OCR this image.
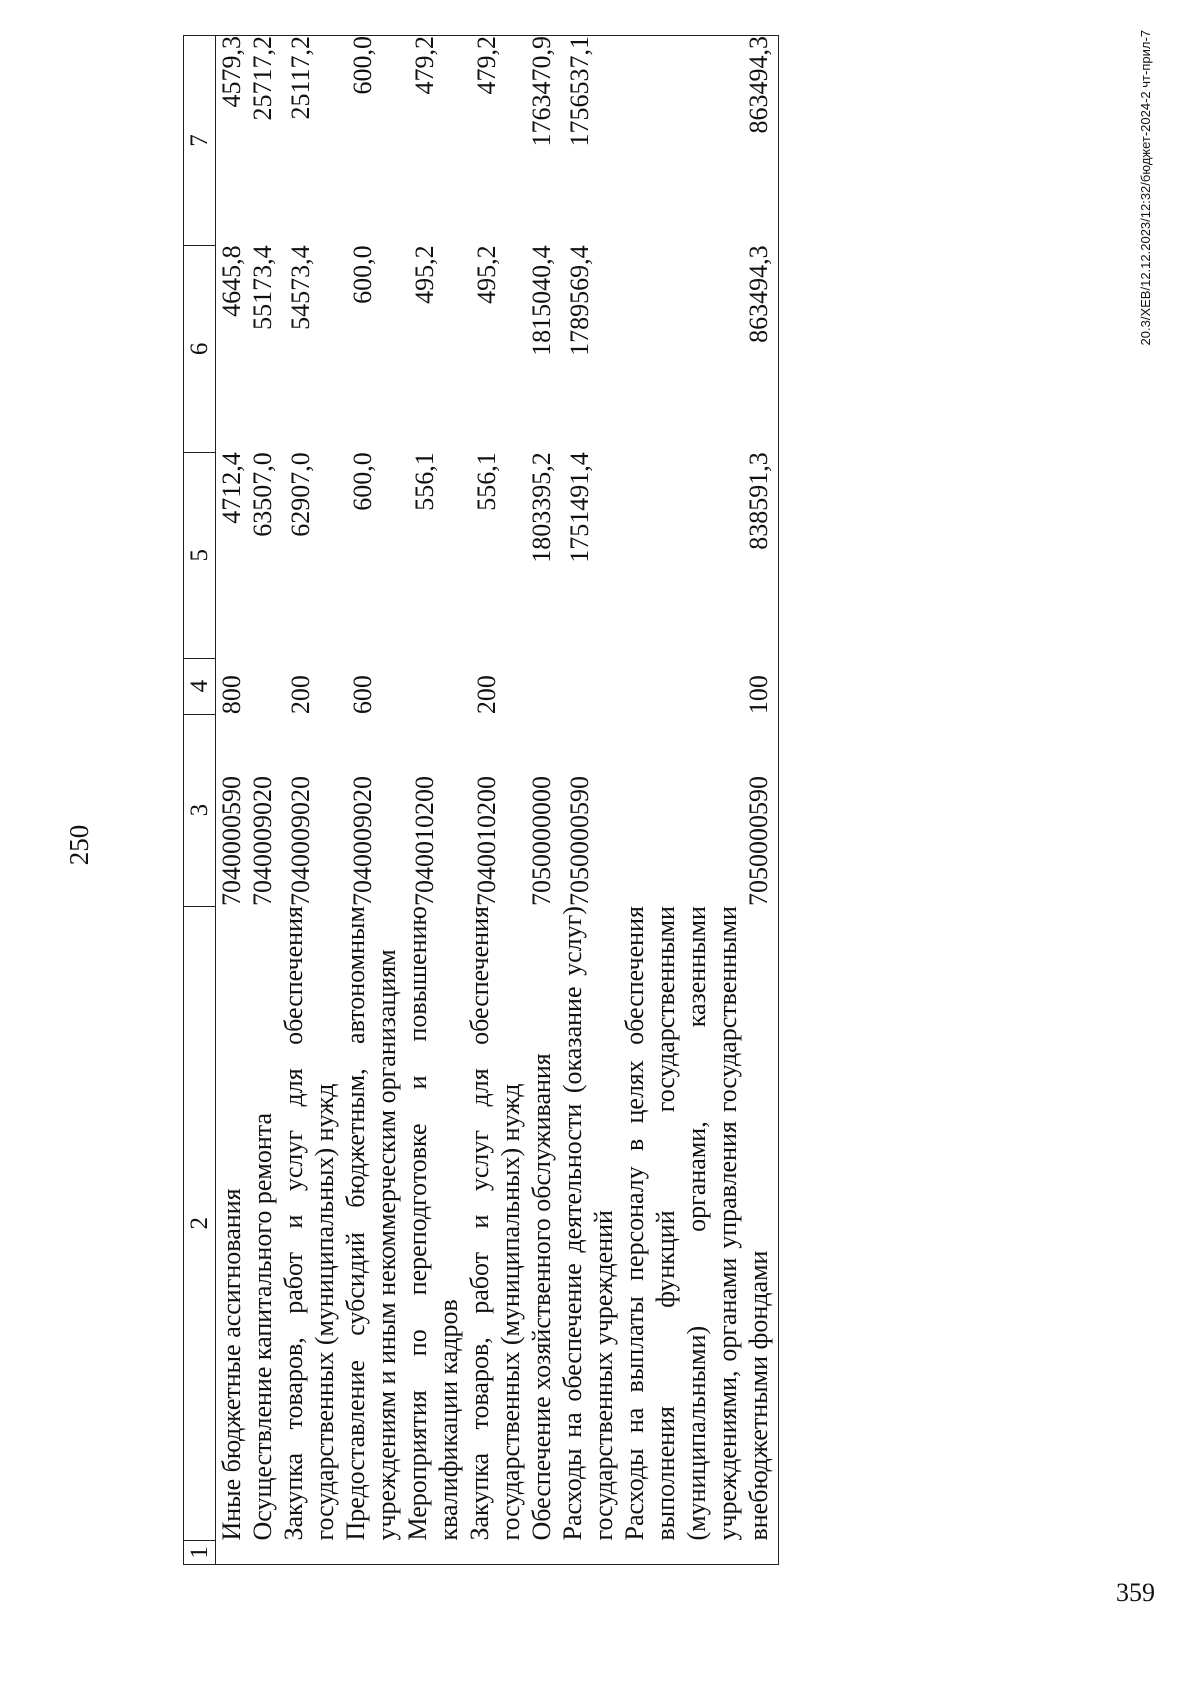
250
1	2	3	4	5	6	7
	Иные бюджетные ассигнования	7040000590	800	4712,4	4645,8	4579,3
	Осуществление капитального ремонта	7040009020		63507,0	55173,4	25717,2
	Закупка товаров, работ и услуг для обеспечения государственных (муниципальных) нужд	7040009020	200	62907,0	54573,4	25117,2
	Предоставление субсидий бюджетным, автономным учреждениям и иным некоммерческим организациям	7040009020	600	600,0	600,0	600,0
	Мероприятия по переподготовке и повышению квалификации кадров	7040010200		556,1	495,2	479,2
	Закупка товаров, работ и услуг для обеспечения государственных (муниципальных) нужд	7040010200	200	556,1	495,2	479,2
	Обеспечение хозяйственного обслуживания	7050000000		1803395,2	1815040,4	1763470,9
	Расходы на обеспечение деятельности (оказание услуг) государственных учреждений	7050000590		1751491,4	1789569,4	1756537,1
	Расходы на выплаты персоналу в целях обеспечения выполнения функций государственными (муниципальными) органами, казенными учреждениями, органами управления государственными внебюджетными фондами	7050000590	100	838591,3	863494,3	863494,3	20.3/XEB/12.12.2023/12:32/бюджет-2024-2 чт-прил-7
359
